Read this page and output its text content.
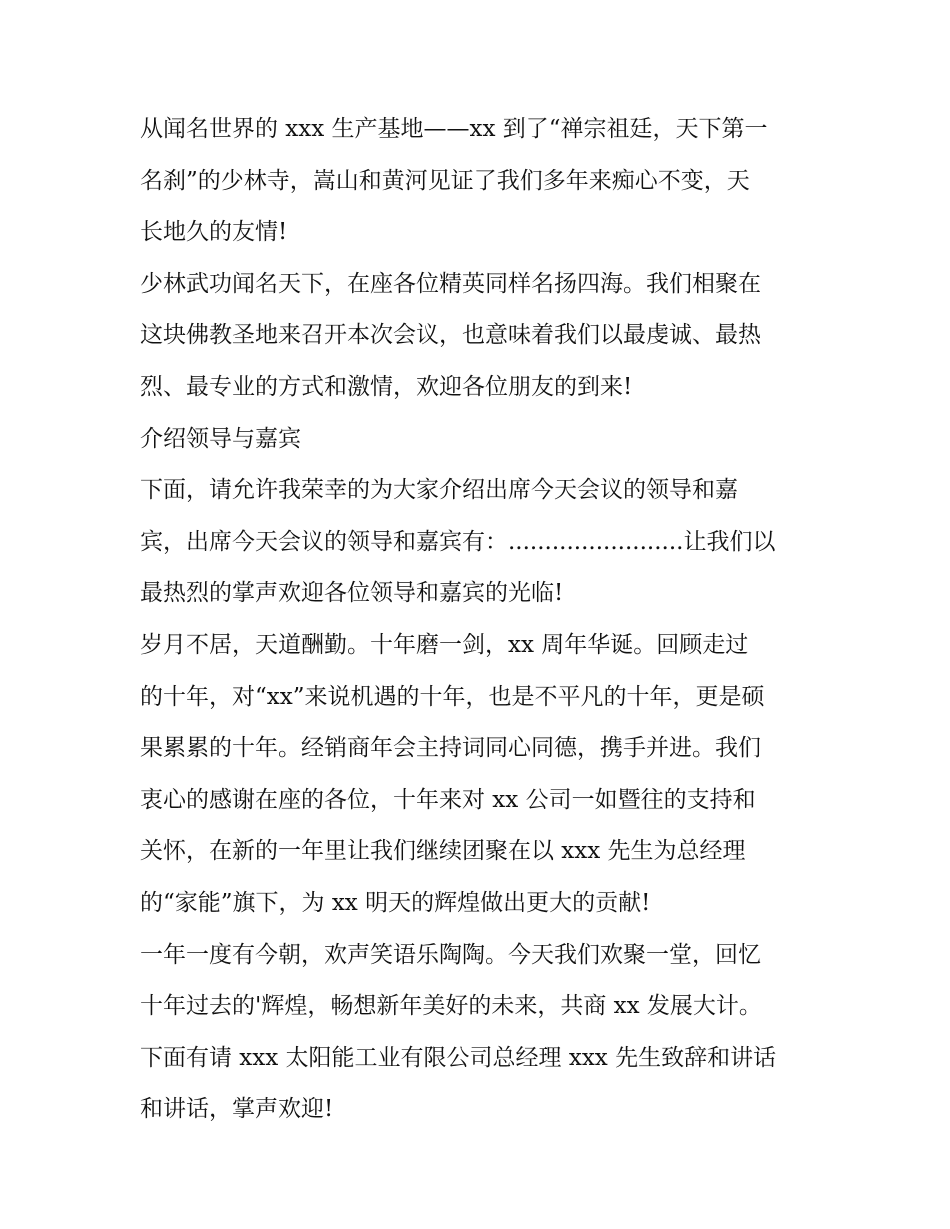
从闻名世界的 xxx 生产基地——xx 到了“禅宗祖廷，天下第一
名刹”的少林寺，嵩山和黄河见证了我们多年来痴心不变，天
长地久的友情!
少林武功闻名天下，在座各位精英同样名扬四海。我们相聚在
这块佛教圣地来召开本次会议，也意味着我们以最虔诚、最热
烈、最专业的方式和激情，欢迎各位朋友的到来!
介绍领导与嘉宾
下面，请允许我荣幸的为大家介绍出席今天会议的领导和嘉
宾，出席今天会议的领导和嘉宾有：........................让我们以
最热烈的掌声欢迎各位领导和嘉宾的光临!
岁月不居，天道酬勤。十年磨一剑，xx 周年华诞。回顾走过
的十年，对“xx”来说机遇的十年，也是不平凡的十年，更是硕
果累累的十年。经销商年会主持词同心同德，携手并进。我们
衷心的感谢在座的各位，十年来对 xx 公司一如暨往的支持和
关怀，在新的一年里让我们继续团聚在以 xxx 先生为总经理
的“家能”旗下，为 xx 明天的辉煌做出更大的贡献!
一年一度有今朝，欢声笑语乐陶陶。今天我们欢聚一堂，回忆
十年过去的'辉煌，畅想新年美好的未来，共商 xx 发展大计。
下面有请 xxx 太阳能工业有限公司总经理 xxx 先生致辞和讲话
和讲话，掌声欢迎!
